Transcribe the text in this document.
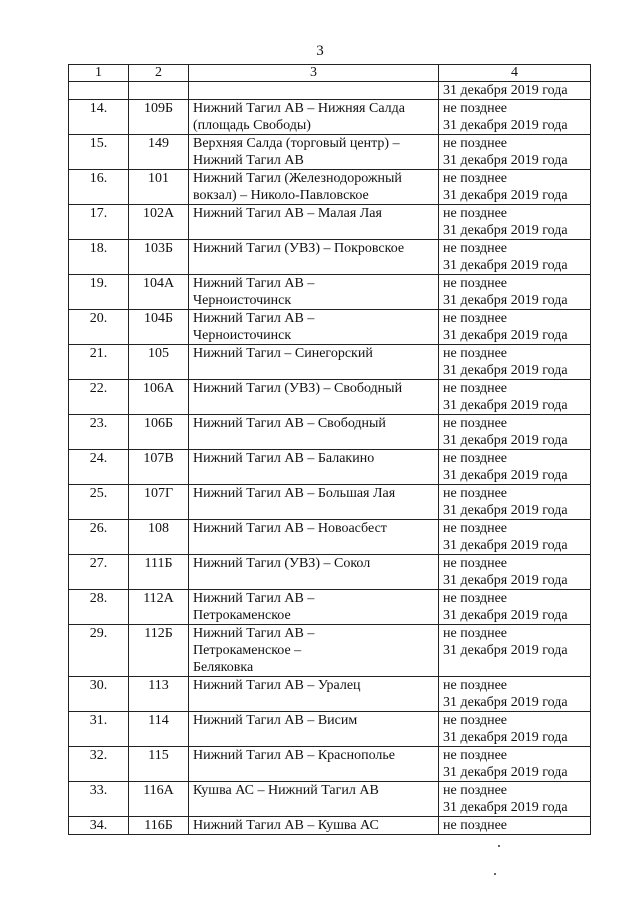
3
1	2	3	4
			31 декабря 2019 года
14.	109Б	Нижний Тагил АВ – Нижняя Салда
(площадь Свободы)	не позднее
31 декабря 2019 года

15.	149	Верхняя Салда (торговый центр) –
Нижний Тагил АВ	не позднее
31 декабря 2019 года

16.	101	Нижний Тагил (Железнодорожный
вокзал) – Николо-Павловское	не позднее
31 декабря 2019 года

17.	102А	Нижний Тагил АВ – Малая Лая	не позднее
31 декабря 2019 года

18.	103Б	Нижний Тагил (УВЗ) – Покровское	не позднее
31 декабря 2019 года

19.	104А	Нижний Тагил АВ –
Черноисточинск	не позднее
31 декабря 2019 года

20.	104Б	Нижний Тагил АВ –
Черноисточинск	не позднее
31 декабря 2019 года

21.	105	Нижний Тагил – Синегорский	не позднее
31 декабря 2019 года

22.	106А	Нижний Тагил (УВЗ) – Свободный	не позднее
31 декабря 2019 года

23.	106Б	Нижний Тагил АВ – Свободный	не позднее
31 декабря 2019 года

24.	107В	Нижний Тагил АВ – Балакино	не позднее
31 декабря 2019 года

25.	107Г	Нижний Тагил АВ – Большая Лая	не позднее
31 декабря 2019 года

26.	108	Нижний Тагил АВ – Новоасбест	не позднее
31 декабря 2019 года

27.	111Б	Нижний Тагил (УВЗ) – Сокол	не позднее
31 декабря 2019 года

28.	112А	Нижний Тагил АВ –
Петрокаменское	не позднее
31 декабря 2019 года

29.	112Б	Нижний Тагил АВ –
Петрокаменское –
Беляковка	не позднее
31 декабря 2019 года

30.	113	Нижний Тагил АВ – Уралец	не позднее
31 декабря 2019 года

31.	114	Нижний Тагил АВ – Висим	не позднее
31 декабря 2019 года

32.	115	Нижний Тагил АВ – Краснополье	не позднее
31 декабря 2019 года

33.	116А	Кушва АС – Нижний Тагил АВ	не позднее
31 декабря 2019 года

34.	116Б	Нижний Тагил АВ – Кушва АС	не позднее
